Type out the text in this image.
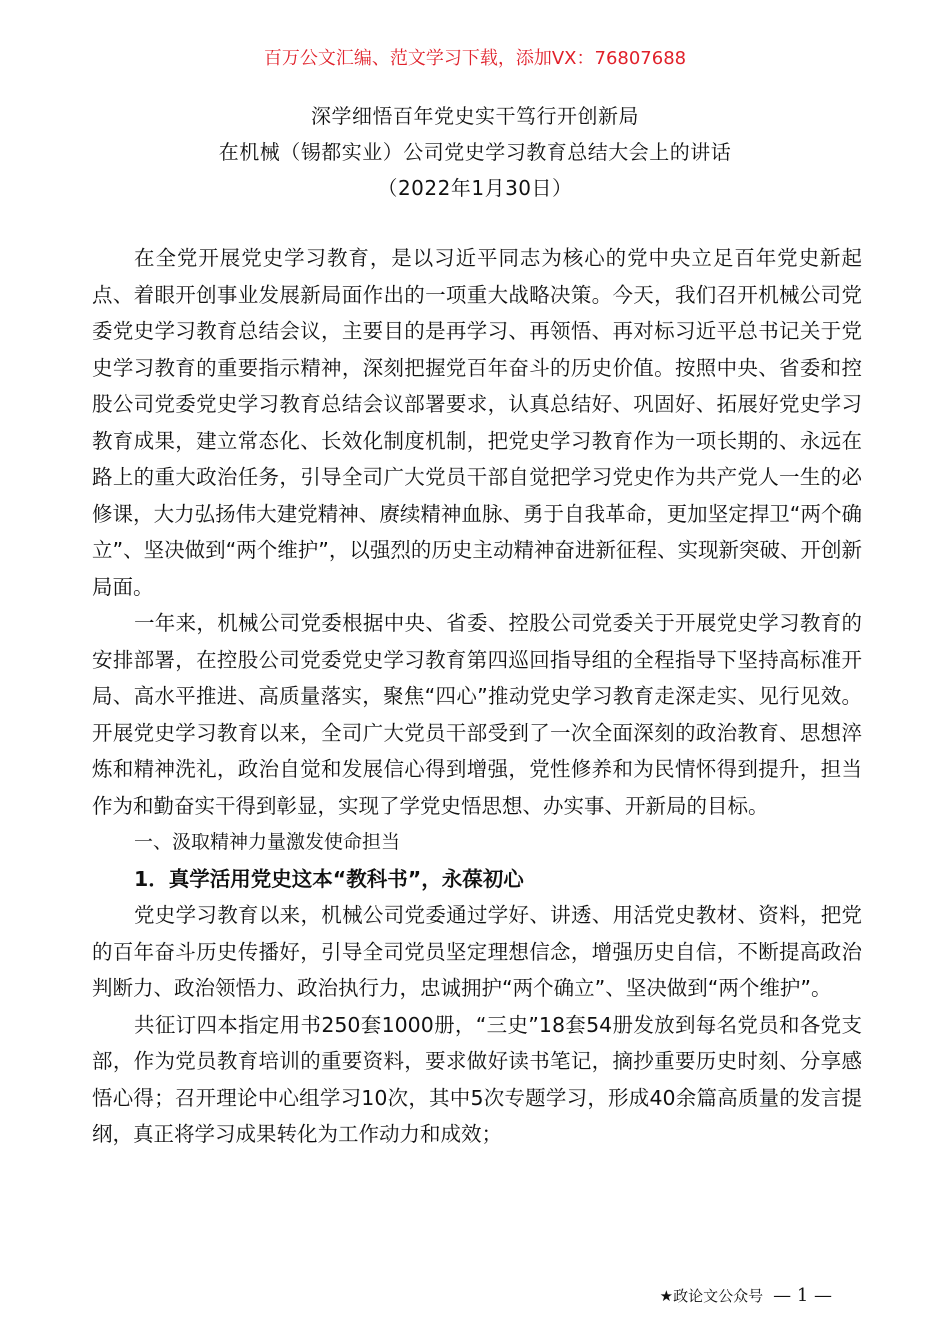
百万公文汇编、范文学习下载，添加VX：76807688
深学细悟百年党史实干笃行开创新局
在机械（锡都实业）公司党史学习教育总结大会上的讲话
（2022年1月30日）

在全党开展党史学习教育，是以习近平同志为核心的党中央立足百年党史新起点、着眼开创事业发展新局面作出的一项重大战略决策。今天，我们召开机械公司党委党史学习教育总结会议，主要目的是再学习、再领悟、再对标习近平总书记关于党史学习教育的重要指示精神，深刻把握党百年奋斗的历史价值。按照中央、省委和控股公司党委党史学习教育总结会议部署要求，认真总结好、巩固好、拓展好党史学习教育成果，建立常态化、长效化制度机制，把党史学习教育作为一项长期的、永远在路上的重大政治任务，引导全司广大党员干部自觉把学习党史作为共产党人一生的必修课，大力弘扬伟大建党精神、赓续精神血脉、勇于自我革命，更加坚定捍卫“两个确立”、坚决做到“两个维护”，以强烈的历史主动精神奋进新征程、实现新突破、开创新局面。

一年来，机械公司党委根据中央、省委、控股公司党委关于开展党史学习教育的安排部署，在控股公司党委党史学习教育第四巡回指导组的全程指导下坚持高标准开局、高水平推进、高质量落实，聚焦“四心”推动党史学习教育走深走实、见行见效。开展党史学习教育以来，全司广大党员干部受到了一次全面深刻的政治教育、思想淬炼和精神洗礼，政治自觉和发展信心得到增强，党性修养和为民情怀得到提升，担当作为和勤奋实干得到彰显，实现了学党史悟思想、办实事、开新局的目标。

一、汲取精神力量激发使命担当

1．真学活用党史这本“教科书”，永葆初心

党史学习教育以来，机械公司党委通过学好、讲透、用活党史教材、资料，把党的百年奋斗历史传播好，引导全司党员坚定理想信念，增强历史自信，不断提高政治判断力、政治领悟力、政治执行力，忠诚拥护“两个确立”、坚决做到“两个维护”。

共征订四本指定用书250套1000册，“三史”18套54册发放到每名党员和各党支部，作为党员教育培训的重要资料，要求做好读书笔记，摘抄重要历史时刻、分享感悟心得；召开理论中心组学习10次，其中5次专题学习，形成40余篇高质量的发言提纲，真正将学习成果转化为工作动力和成效；

★政论文公众号 — 1 —
